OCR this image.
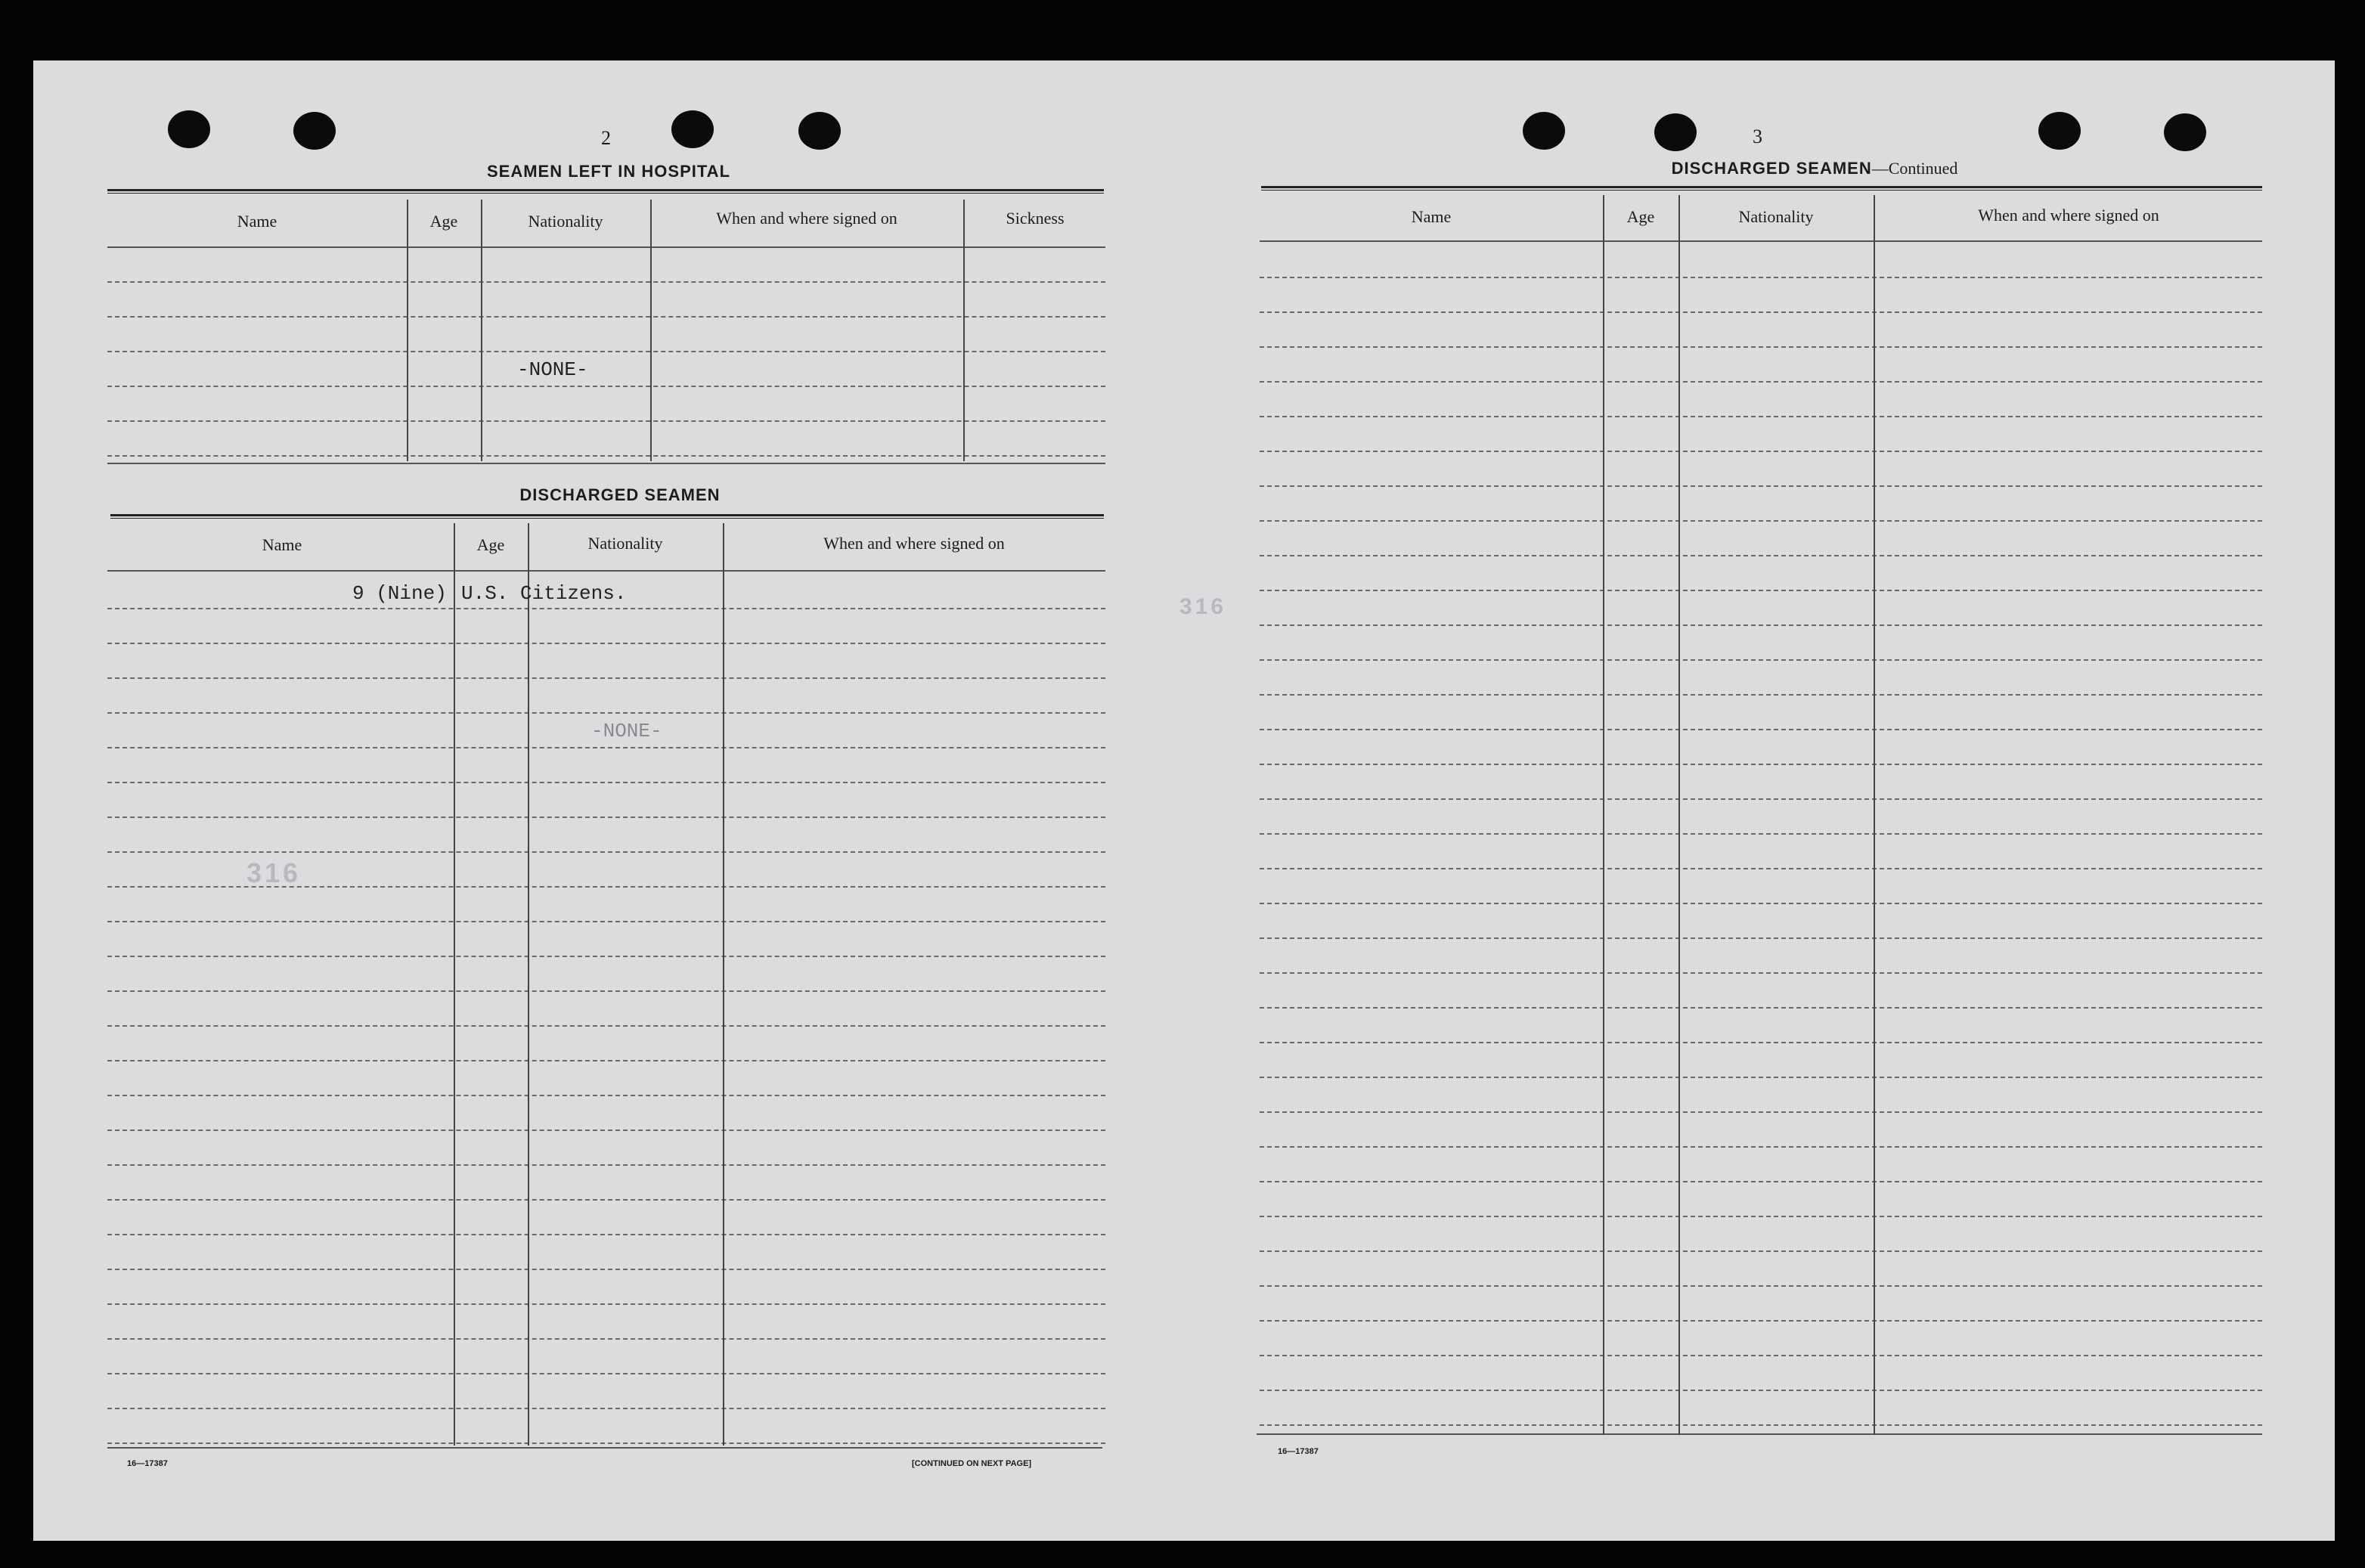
2
SEAMEN LEFT IN HOSPITAL
Name	Age	Nationality	When and where signed on	Sickness
-NONE-
DISCHARGED SEAMEN
Name	Age	Nationality	When and where signed on
9 (Nine) U.S. Citizens.
-NONE-
316
16—17387	[CONTINUED ON NEXT PAGE]
3
DISCHARGED SEAMEN—Continued
Name	Age	Nationality	When and where signed on
316
16—17387
